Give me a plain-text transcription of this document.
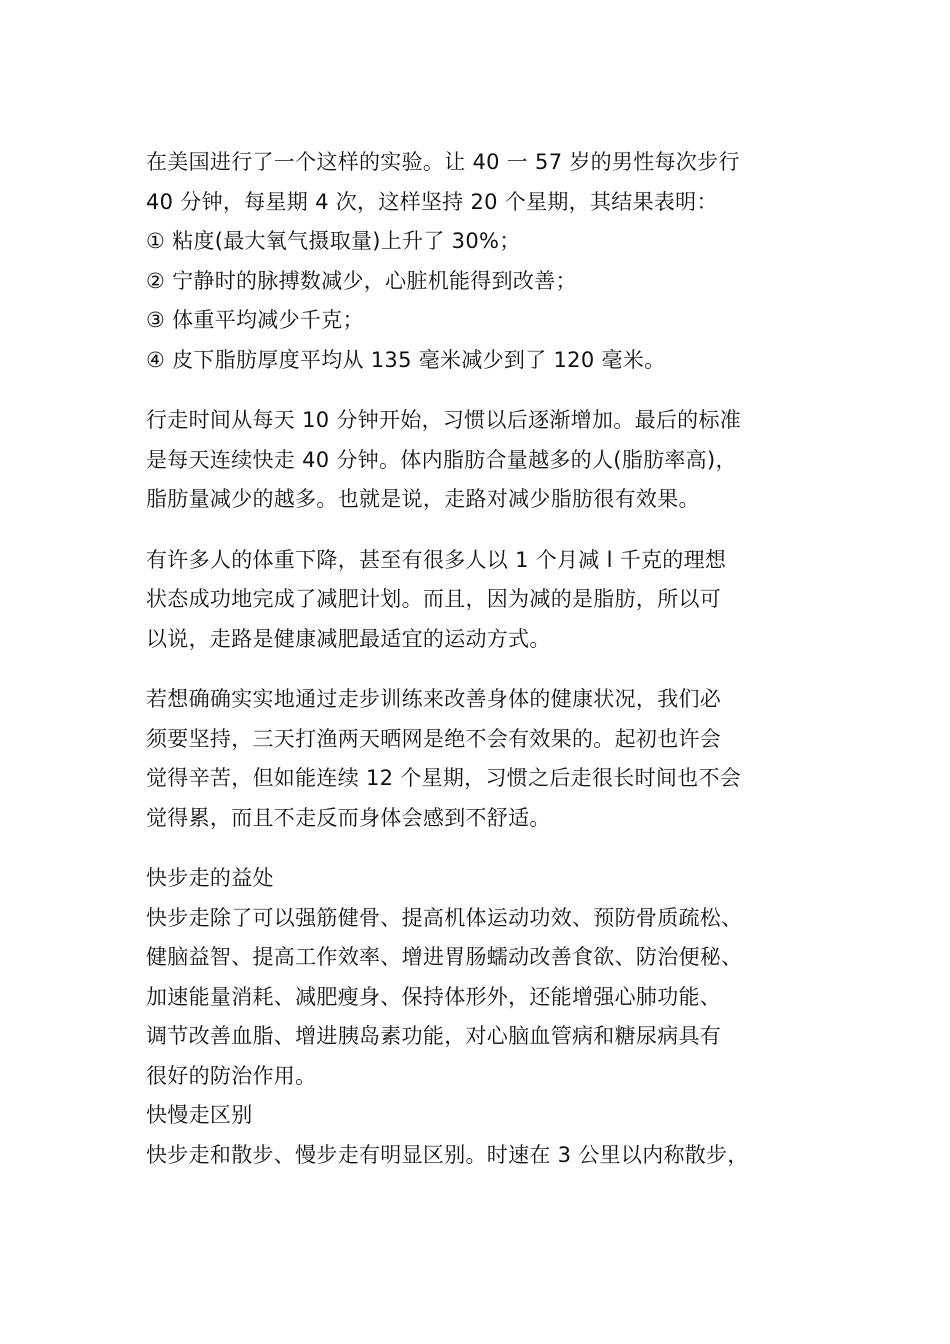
在美国进行了一个这样的实验。让 40 一 57 岁的男性每次步行
40 分钟，每星期 4 次，这样坚持 20 个星期，其结果表明：
① 粘度(最大氧气摄取量)上升了 30%；
② 宁静时的脉搏数减少，心脏机能得到改善；
③ 体重平均减少千克；
④ 皮下脂肪厚度平均从 135 毫米减少到了 120 毫米。
行走时间从每天 10 分钟开始，习惯以后逐渐增加。最后的标准
是每天连续快走 40 分钟。体内脂肪合量越多的人(脂肪率高)，
脂肪量减少的越多。也就是说，走路对减少脂肪很有效果。
有许多人的体重下降，甚至有很多人以 1 个月减 l 千克的理想
状态成功地完成了减肥计划。而且，因为减的是脂肪，所以可
以说，走路是健康减肥最适宜的运动方式。
若想确确实实地通过走步训练来改善身体的健康状况，我们必
须要坚持，三天打渔两天晒网是绝不会有效果的。起初也许会
觉得辛苦，但如能连续 12 个星期，习惯之后走很长时间也不会
觉得累，而且不走反而身体会感到不舒适。
快步走的益处
快步走除了可以强筋健骨、提高机体运动功效、预防骨质疏松、
健脑益智、提高工作效率、增进胃肠蠕动改善食欲、防治便秘、
加速能量消耗、减肥瘦身、保持体形外，还能增强心肺功能、
调节改善血脂、增进胰岛素功能，对心脑血管病和糖尿病具有
很好的防治作用。
快慢走区别
快步走和散步、慢步走有明显区别。时速在 3 公里以内称散步，
